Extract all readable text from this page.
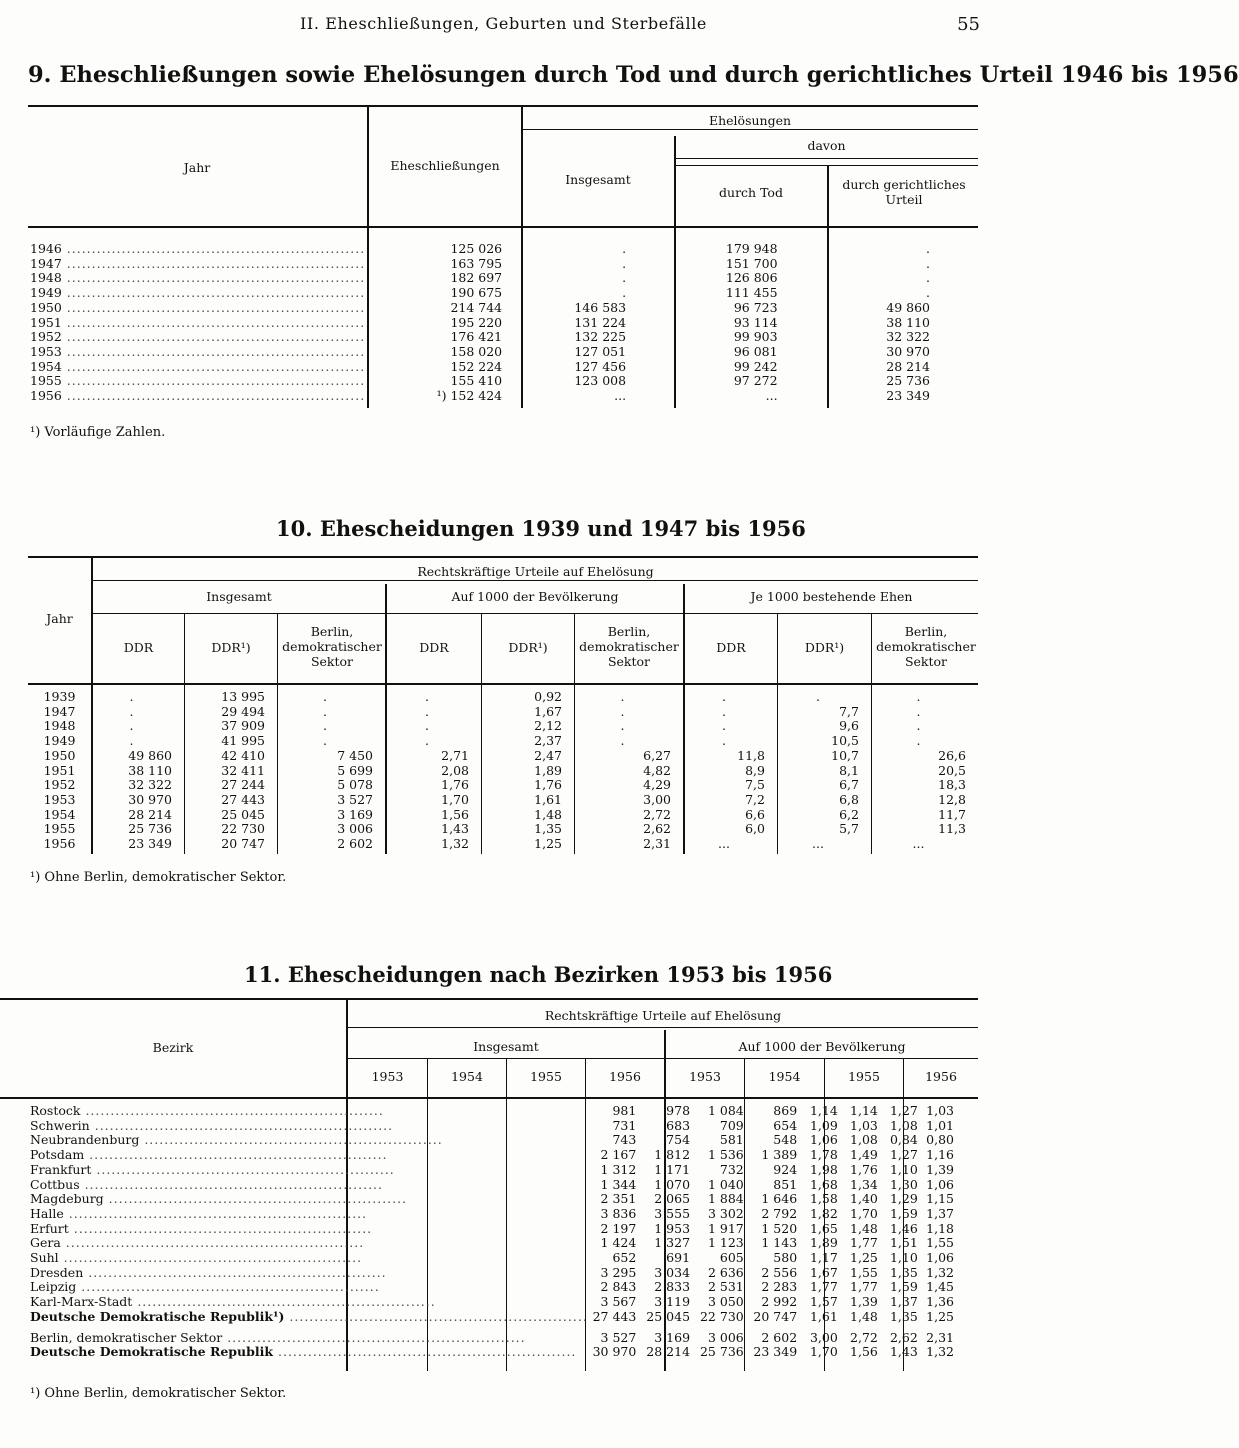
II. Eheschließungen, Geburten und Sterbefälle	55
9. Eheschließungen sowie Ehelösungen durch Tod und durch gerichtliches Urteil 1946 bis 1956
Jahr	Eheschließungen
Ehelösungen
Insgesamt
davon
durch Tod
durch gerichtliches Urteil
1946 ............................................................	125 026	.	179 948	.
1947 ............................................................	163 795	.	151 700	.
1948 ............................................................	182 697	.	126 806	.
1949 ............................................................	190 675	.	111 455	.
1950 ............................................................	214 744	146 583	96 723	49 860
1951 ............................................................	195 220	131 224	93 114	38 110
1952 ............................................................	176 421	132 225	99 903	32 322
1953 ............................................................	158 020	127 051	96 081	30 970
1954 ............................................................	152 224	127 456	99 242	28 214
1955 ............................................................	155 410	123 008	97 272	25 736
1956 ............................................................	¹) 152 424	...	...	23 349
¹) Vorläufige Zahlen.
10. Ehescheidungen 1939 und 1947 bis 1956
Jahr
Rechtskräftige Urteile auf Ehelösung
Insgesamt	Auf 1000 der Bevölkerung	Je 1000 bestehende Ehen
DDR	DDR¹)
Berlin, demokratischer Sektor
DDR	DDR¹)
Berlin, demokratischer Sektor
DDR	DDR¹)
Berlin, demokratischer Sektor
1939	.	13 995	.	.	0,92	.	.	.	.
1947	.	29 494	.	.	1,67	.	.	7,7	.
1948	.	37 909	.	.	2,12	.	.	9,6	.
1949	.	41 995	.	.	2,37	.	.	10,5	.
1950	49 860	42 410	7 450	2,71	2,47	6,27	11,8	10,7	26,6
1951	38 110	32 411	5 699	2,08	1,89	4,82	8,9	8,1	20,5
1952	32 322	27 244	5 078	1,76	1,76	4,29	7,5	6,7	18,3
1953	30 970	27 443	3 527	1,70	1,61	3,00	7,2	6,8	12,8
1954	28 214	25 045	3 169	1,56	1,48	2,72	6,6	6,2	11,7
1955	25 736	22 730	3 006	1,43	1,35	2,62	6,0	5,7	11,3
1956	23 349	20 747	2 602	1,32	1,25	2,31	...	...	...
¹) Ohne Berlin, demokratischer Sektor.
11. Ehescheidungen nach Bezirken 1953 bis 1956
Bezirk
Rechtskräftige Urteile auf Ehelösung
Insgesamt	Auf 1000 der Bevölkerung
1953	1954	1955	1956	1953	1954	1955	1956
Rostock ............................................................	981	978	1 084	869	1,14	1,14	1,27	1,03
Schwerin ............................................................	731	683	709	654	1,09	1,03	1,08	1,01
Neubrandenburg ............................................................	743	754	581	548	1,06	1,08	0,84	0,80
Potsdam ............................................................	2 167	1 812	1 536	1 389	1,78	1,49	1,27	1,16
Frankfurt ............................................................	1 312	1 171	732	924	1,98	1,76	1,10	1,39
Cottbus ............................................................	1 344	1 070	1 040	851	1,68	1,34	1,30	1,06
Magdeburg ............................................................	2 351	2 065	1 884	1 646	1,58	1,40	1,29	1,15
Halle ............................................................	3 836	3 555	3 302	2 792	1,82	1,70	1,59	1,37
Erfurt ............................................................	2 197	1 953	1 917	1 520	1,65	1,48	1,46	1,18
Gera ............................................................	1 424	1 327	1 123	1 143	1,89	1,77	1,51	1,55
Suhl ............................................................	652	691	605	580	1,17	1,25	1,10	1,06
Dresden ............................................................	3 295	3 034	2 636	2 556	1,67	1,55	1,35	1,32
Leipzig ............................................................	2 843	2 833	2 531	2 283	1,77	1,77	1,59	1,45
Karl-Marx-Stadt ............................................................	3 567	3 119	3 050	2 992	1,57	1,39	1,37	1,36
Deutsche Demokratische Republik¹) ............................................................	27 443	25 045	22 730	20 747	1,61	1,48	1,35	1,25
Berlin, demokratischer Sektor ............................................................	3 527	3 169	3 006	2 602	3,00	2,72	2,62	2,31
Deutsche Demokratische Republik ............................................................	30 970	28 214	25 736	23 349	1,70	1,56	1,43	1,32
¹) Ohne Berlin, demokratischer Sektor.
